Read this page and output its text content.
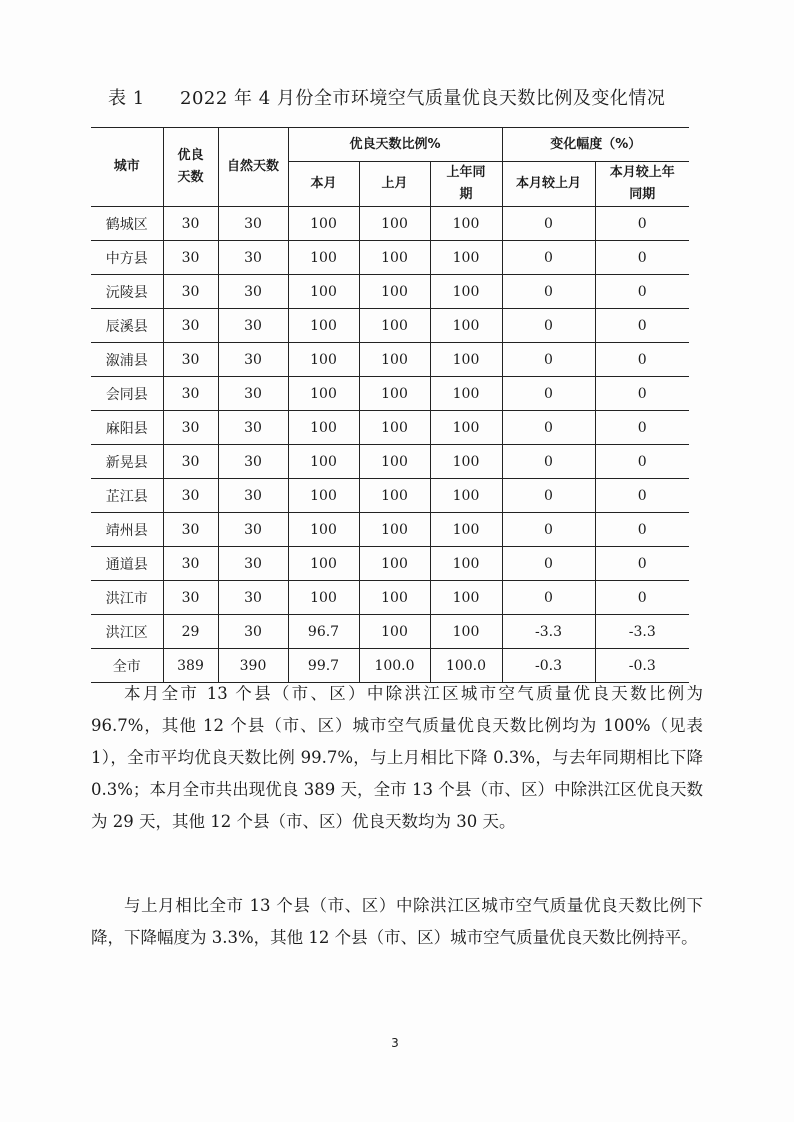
表 1 2022 年 4 月份全市环境空气质量优良天数比例及变化情况
城市	优良天数	自然天数	优良天数比例%			变化幅度（%）	
			本月	上月	上年同期	本月较上月	本月较上年同期

鹤城区	30	30	100	100	100	0	0
中方县	30	30	100	100	100	0	0
沅陵县	30	30	100	100	100	0	0
辰溪县	30	30	100	100	100	0	0
溆浦县	30	30	100	100	100	0	0
会同县	30	30	100	100	100	0	0
麻阳县	30	30	100	100	100	0	0
新晃县	30	30	100	100	100	0	0
芷江县	30	30	100	100	100	0	0
靖州县	30	30	100	100	100	0	0
通道县	30	30	100	100	100	0	0
洪江市	30	30	100	100	100	0	0
洪江区	29	30	96.7	100	100	-3.3	-3.3
全市	389	390	99.7	100.0	100.0	-0.3	-0.3

本月全市 13 个县（市、区）中除洪江区城市空气质量优良天数比例为 96.7%，其他 12 个县（市、区）城市空气质量优良天数比例均为 100%（见表 1），全市平均优良天数比例 99.7%，与上月相比下降 0.3%，与去年同期相比下降 0.3%；本月全市共出现优良 389 天，全市 13 个县（市、区）中除洪江区优良天数为 29 天，其他 12 个县（市、区）优良天数均为 30 天。

与上月相比全市 13 个县（市、区）中除洪江区城市空气质量优良天数比例下降，下降幅度为 3.3%，其他 12 个县（市、区）城市空气质量优良天数比例持平。

3
